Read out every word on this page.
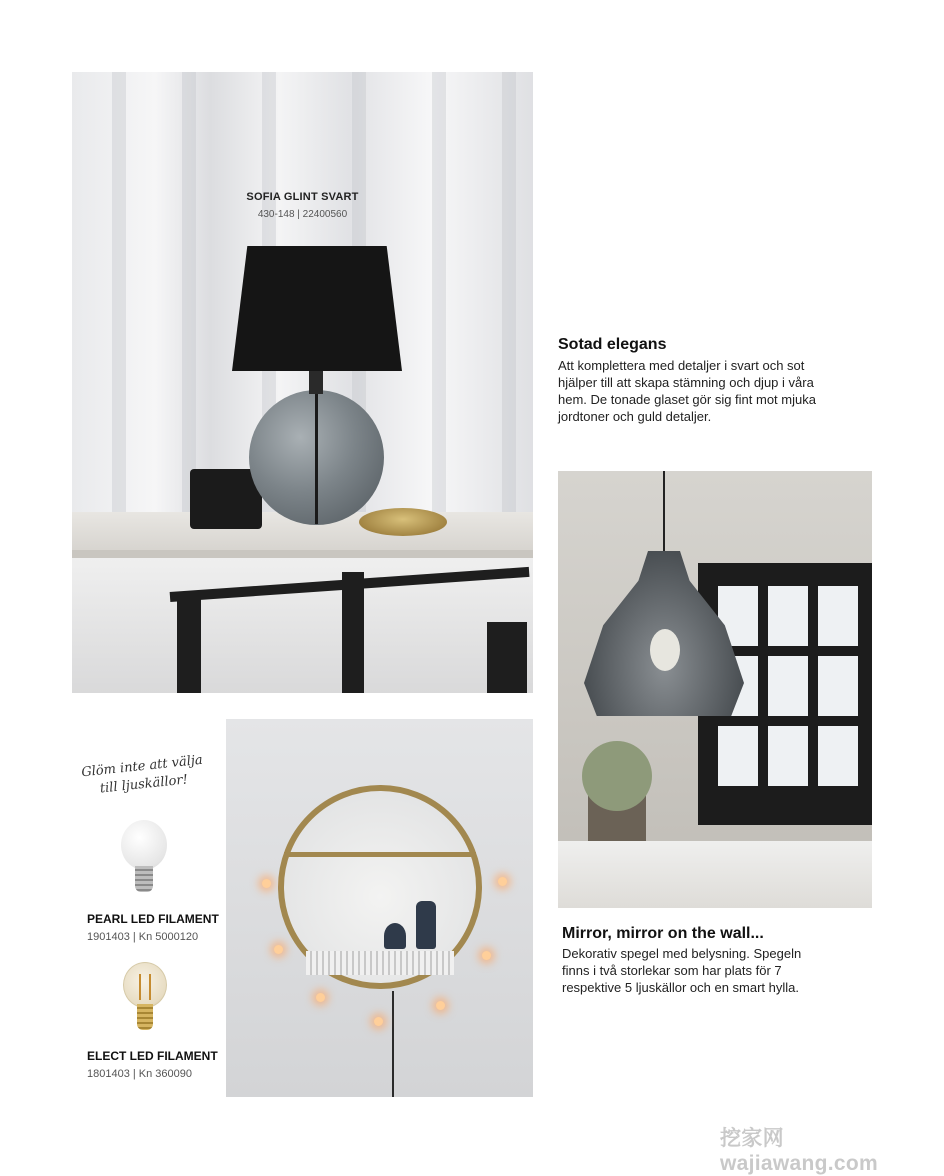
SOFIA GLINT SVART
430-148 | 22400560
Sotad elegans
Att komplettera med detaljer i svart och sot hjälper till att skapa stämning och djup i våra hem. De tonade glaset gör sig fint mot mjuka jordtoner och guld detaljer.
Mirror, mirror on the wall...
Dekorativ spegel med belysning. Spegeln finns i två storlekar som har plats för 7 respektive 5 ljuskällor och en smart hylla.
Glöm inte att välja till ljuskällor!
PEARL LED FILAMENT
1901403 | Kn 5000120
ELECT LED FILAMENT
1801403 | Kn 360090
挖家网 wajiawang.com
